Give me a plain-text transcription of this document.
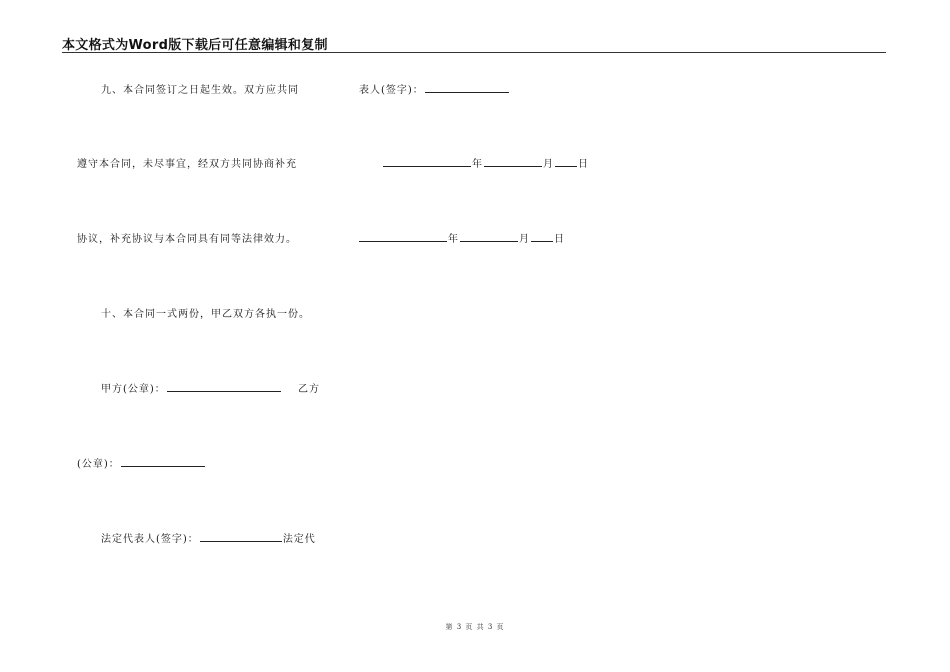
本文格式为Word版下载后可任意编辑和复制
九、本合同签订之日起生效。双方应共同
遵守本合同，未尽事宜，经双方共同协商补充
协议，补充协议与本合同具有同等法律效力。
十、本合同一式两份，甲乙双方各执一份。
甲方(公章)：	乙方
(公章)：
法定代表人(签字)：	法定代
表人(签字)：
年	月 日
年	月 日
第 3 页 共 3 页
